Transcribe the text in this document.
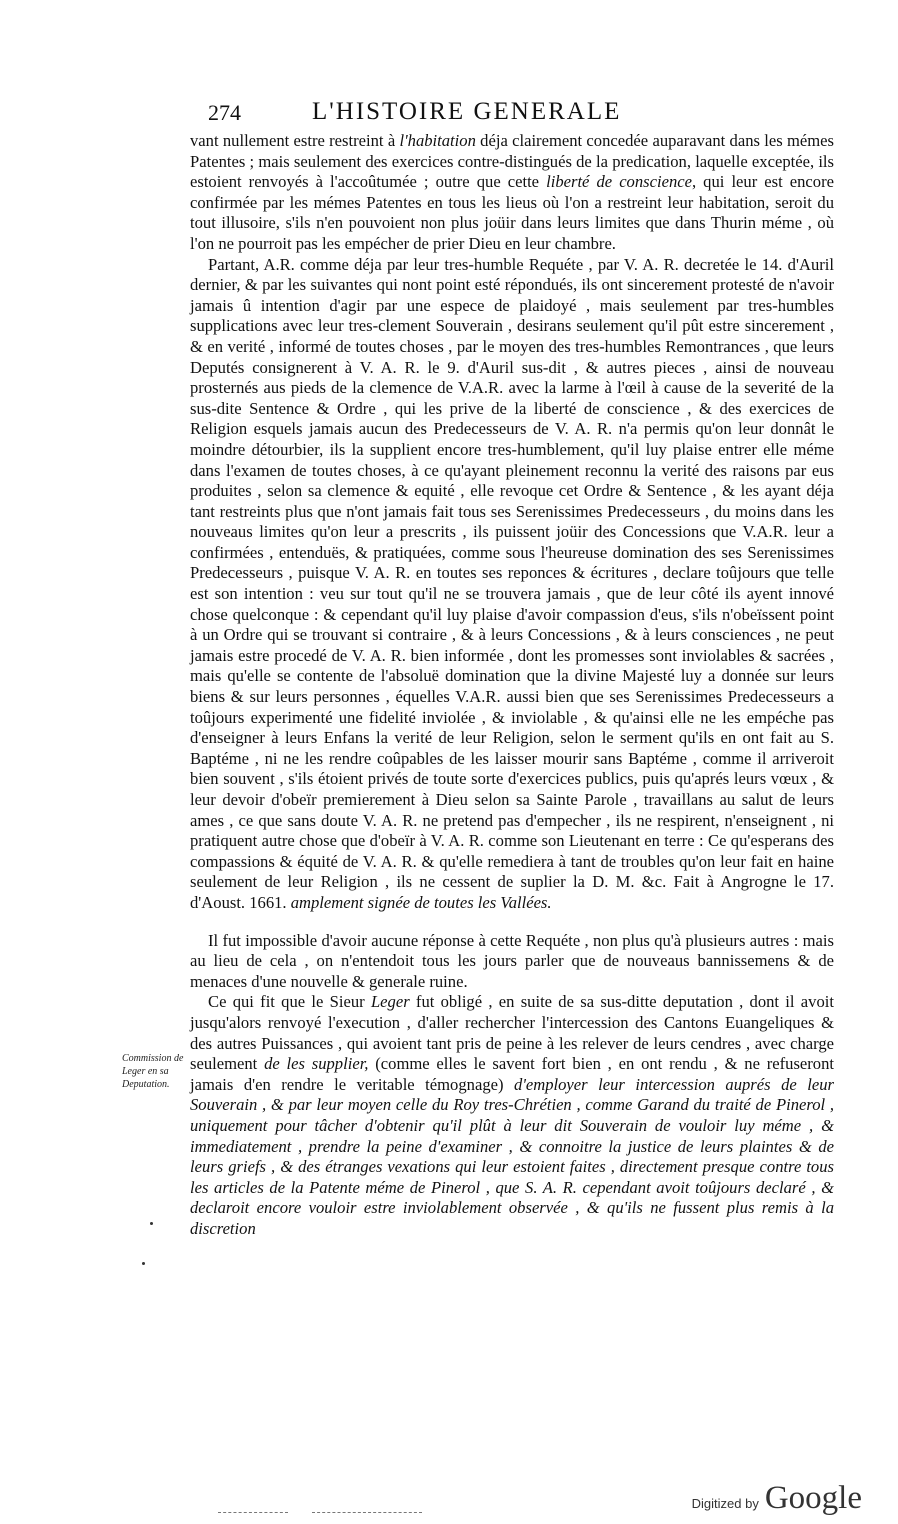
274	L'HISTOIRE GENERALE

vant nullement estre restreint à l'habitation déja clairement concedée auparavant dans les mémes Patentes ; mais seulement des exercices contre-distingués de la predication, laquelle exceptée, ils estoient renvoyés à l'accoûtumée ; outre que cette liberté de conscience, qui leur est encore confirmée par les mémes Patentes en tous les lieus où l'on a restreint leur habitation, seroit du tout illusoire, s'ils n'en pouvoient non plus joüir dans leurs limites que dans Thurin méme , où l'on ne pourroit pas les empécher de prier Dieu en leur chambre.

Partant, A.R. comme déja par leur tres-humble Requéte , par V. A. R. decretée le 14. d'Auril dernier, & par les suivantes qui nont point esté répondués, ils ont sincerement protesté de n'avoir jamais û intention d'agir par une espece de plaidoyé , mais seulement par tres-humbles supplications avec leur tres-clement Souverain , desirans seulement qu'il pût estre sincerement , & en verité , informé de toutes choses , par le moyen des tres-humbles Remontrances , que leurs Deputés consignerent à V. A. R. le 9. d'Auril sus-dit , & autres pieces , ainsi de nouveau prosternés aus pieds de la clemence de V.A.R. avec la larme à l'œil à cause de la severité de la sus-dite Sentence & Ordre , qui les prive de la liberté de conscience , & des exercices de Religion esquels jamais aucun des Predecesseurs de V. A. R. n'a permis qu'on leur donnât le moindre détourbier, ils la supplient encore tres-humblement, qu'il luy plaise entrer elle méme dans l'examen de toutes choses, à ce qu'ayant pleinement reconnu la verité des raisons par eus produites , selon sa clemence & equité , elle revoque cet Ordre & Sentence , & les ayant déja tant restreints plus que n'ont jamais fait tous ses Serenissimes Predecesseurs , du moins dans les nouveaus limites qu'on leur a prescrits , ils puissent joüir des Concessions que V.A.R. leur a confirmées , entenduës, & pratiquées, comme sous l'heureuse domination des ses Serenissimes Predecesseurs , puisque V. A. R. en toutes ses reponces & écritures , declare toûjours que telle est son intention : veu sur tout qu'il ne se trouvera jamais , que de leur côté ils ayent innové chose quelconque : & cependant qu'il luy plaise d'avoir compassion d'eus, s'ils n'obeïssent point à un Ordre qui se trouvant si contraire , & à leurs Concessions , & à leurs consciences , ne peut jamais estre procedé de V. A. R. bien informée , dont les promesses sont inviolables & sacrées , mais qu'elle se contente de l'absoluë domination que la divine Majesté luy a donnée sur leurs biens & sur leurs personnes , équelles V.A.R. aussi bien que ses Serenissimes Predecesseurs a toûjours experimenté une fidelité inviolée , & inviolable , & qu'ainsi elle ne les empéche pas d'enseigner à leurs Enfans la verité de leur Religion, selon le serment qu'ils en ont fait au S. Baptéme , ni ne les rendre coûpables de les laisser mourir sans Baptéme , comme il arriveroit bien souvent , s'ils étoient privés de toute sorte d'exercices publics, puis qu'aprés leurs vœux , & leur devoir d'obeïr premierement à Dieu selon sa Sainte Parole , travaillans au salut de leurs ames , ce que sans doute V. A. R. ne pretend pas d'empecher , ils ne respirent, n'enseignent , ni pratiquent autre chose que d'obeïr à V. A. R. comme son Lieutenant en terre : Ce qu'esperans des compassions & équité de V. A. R. & qu'elle remediera à tant de troubles qu'on leur fait en haine seulement de leur Religion , ils ne cessent de suplier la D. M. &c. Fait à Angrogne le 17. d'Aoust. 1661. amplement signée de toutes les Vallées.

Il fut impossible d'avoir aucune réponse à cette Requéte , non plus qu'à plusieurs autres : mais au lieu de cela , on n'entendoit tous les jours parler que de nouveaus bannissemens & de menaces d'une nouvelle & generale ruine.

Ce qui fit que le Sieur Leger fut obligé , en suite de sa sus-ditte deputation , dont il avoit jusqu'alors renvoyé l'execution , d'aller rechercher l'intercession des Cantons Euangeliques & des autres Puissances , qui avoient tant pris de peine à les relever de leurs cendres , avec charge seulement de les supplier, (comme elles le savent fort bien , en ont rendu , & ne refuseront jamais d'en rendre le veritable témognage) d'employer leur intercession auprés de leur Souverain , & par leur moyen celle du Roy tres-Chrétien , comme Garand du traité de Pinerol , uniquement pour tâcher d'obtenir qu'il plût à leur dit Souverain de vouloir luy méme , & immediatement , prendre la peine d'examiner , & connoitre la justice de leurs plaintes & de leurs griefs , & des étranges vexations qui leur estoient faites , directement presque contre tous les articles de la Patente méme de Pinerol , que S. A. R. cependant avoit toûjours declaré , & declaroit encore vouloir estre inviolablement observée , & qu'ils ne fussent plus remis à la discretion

Commission de Leger en sa Deputation.
Digitized by Google
